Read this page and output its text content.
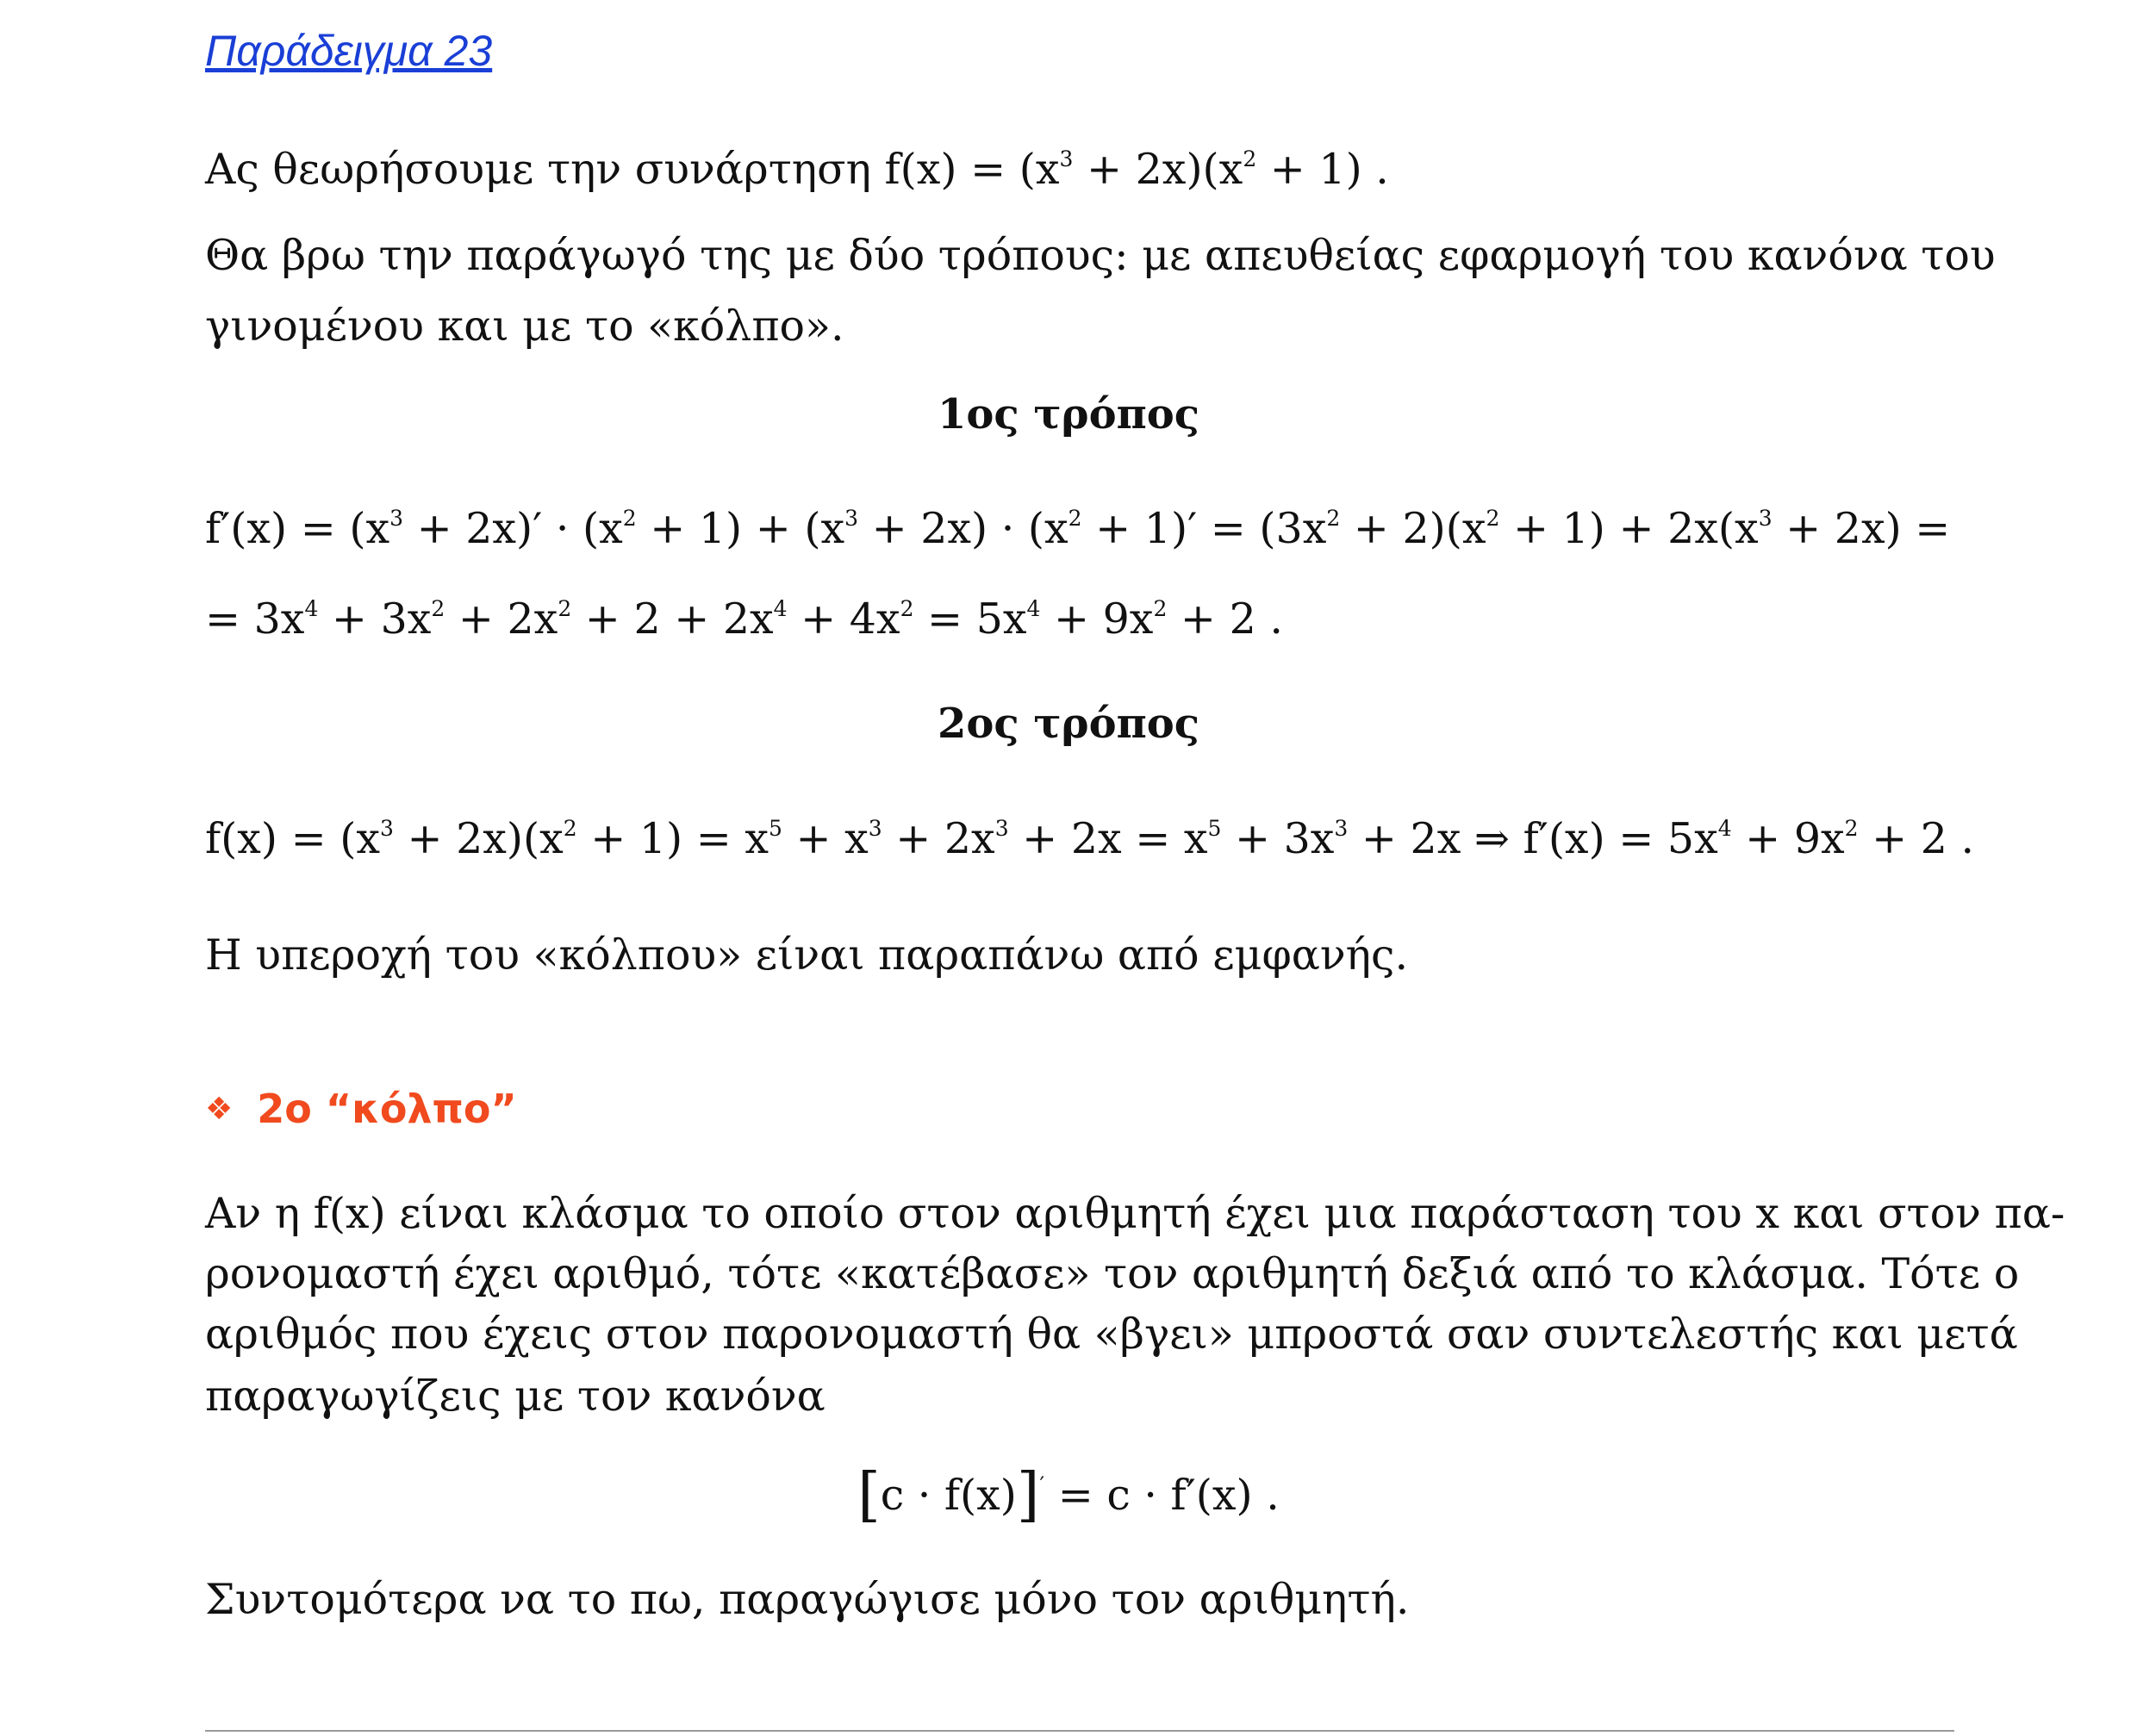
Παράδειγμα 23
Ας θεωρήσουμε την συνάρτηση $f(x) = (x^3 + 2x)(x^2 + 1)$ .
Θα βρω την παράγωγό της με δύο τρόπους: με απευθείας εφαρμογή του κανόνα του
γινομένου και με το «κόλπο».
1ος τρόπος
$f'(x) = (x^3 + 2x)' \cdot (x^2 + 1) + (x^3 + 2x) \cdot (x^2 + 1)' = (3x^2 + 2)(x^2 + 1) + 2x(x^3 + 2x)$ =
= $3x^4 + 3x^2 + 2x^2 + 2 + 2x^4 + 4x^2 = 5x^4 + 9x^2 + 2$ .
2ος τρόπος
$f(x) = (x^3 + 2x)(x^2 + 1) = x^5 + x^3 + 2x^3 + 2x = x^5 + 3x^3 + 2x$ ⇒ $f'(x) = 5x^4 + 9x^2 + 2$ .
Η υπεροχή του «κόλπου» είναι παραπάνω από εμφανής.
❖ 2ο “κόλπο”
Αν η f(x) είναι κλάσμα το οποίο στον αριθμητή έχει μια παράσταση του x και στον πα-
ρονομαστή έχει αριθμό, τότε «κατέβασε» τον αριθμητή δεξιά από το κλάσμα. Τότε ο
αριθμός που έχεις στον παρονομαστή θα «βγει» μπροστά σαν συντελεστής και μετά
παραγωγίζεις με τον κανόνα
[c · f(x)]′ = c · f′(x) .
Συντομότερα να το πω, παραγώγισε μόνο τον αριθμητή.
